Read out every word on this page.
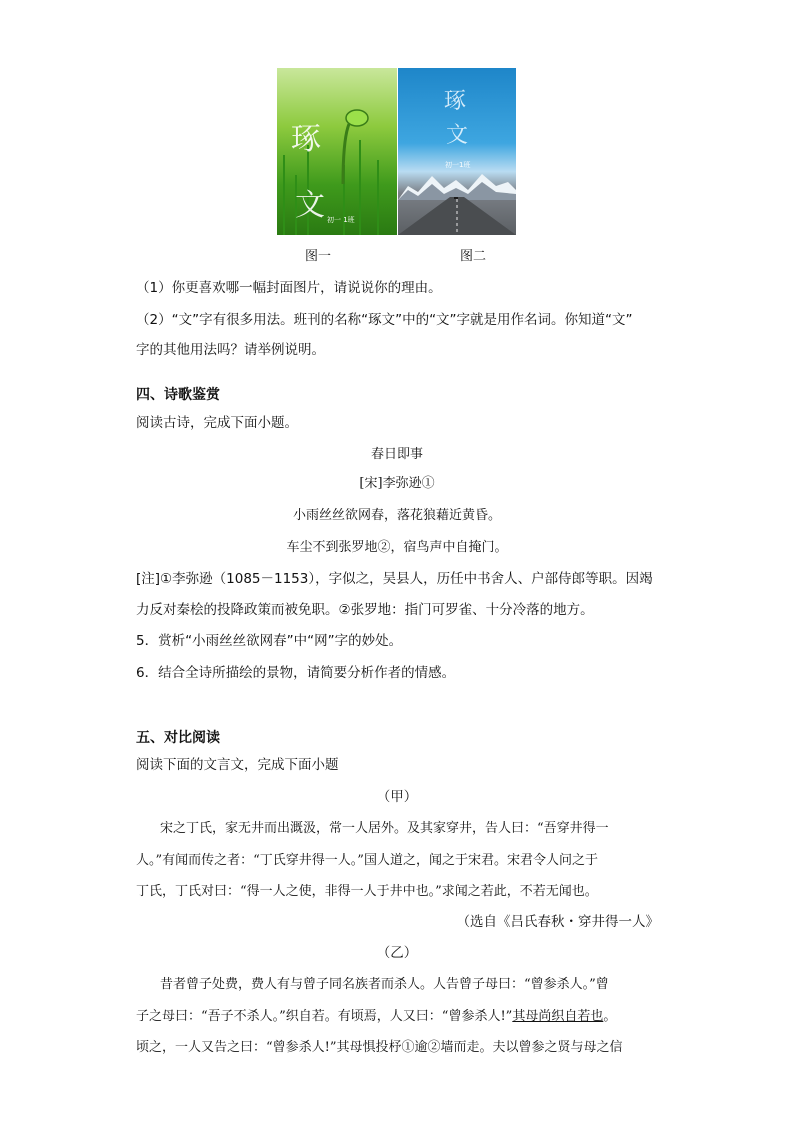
琢
文 初一 1班
琢
文
初一1班
图一	图二
（1）你更喜欢哪一幅封面图片，请说说你的理由。
（2）“文”字有很多用法。班刊的名称“琢文”中的“文”字就是用作名词。你知道“文”
字的其他用法吗？请举例说明。
四、诗歌鉴赏
阅读古诗，完成下面小题。
春日即事
[宋]李弥逊①
小雨丝丝欲网春，落花狼藉近黄昏。
车尘不到张罗地②，宿鸟声中自掩门。
[注]①李弥逊（1085－1153），字似之，吴县人，历任中书舍人、户部侍郎等职。因竭
力反对秦桧的投降政策而被免职。②张罗地：指门可罗雀、十分冷落的地方。
5．赏析“小雨丝丝欲网春”中“网”字的妙处。
6．结合全诗所描绘的景物，请简要分析作者的情感。
五、对比阅读
阅读下面的文言文，完成下面小题
（甲）
宋之丁氏，家无井而出溉汲，常一人居外。及其家穿井，告人曰：“吾穿井得一
人。”有闻而传之者：“丁氏穿井得一人。”国人道之，闻之于宋君。宋君令人问之于
丁氏，丁氏对曰：“得一人之使，非得一人于井中也。”求闻之若此，不若无闻也。
（选自《吕氏春秋・穿井得一人》
（乙）
昔者曾子处费，费人有与曾子同名族者而杀人。人告曾子母曰：“曾参杀人。”曾
子之母曰：“吾子不杀人。”织自若。有顷焉，人又曰：“曾参杀人!”其母尚织自若也。
顷之，一人又告之曰：“曾参杀人!”其母惧投杼①逾②墙而走。夫以曾参之贤与母之信
